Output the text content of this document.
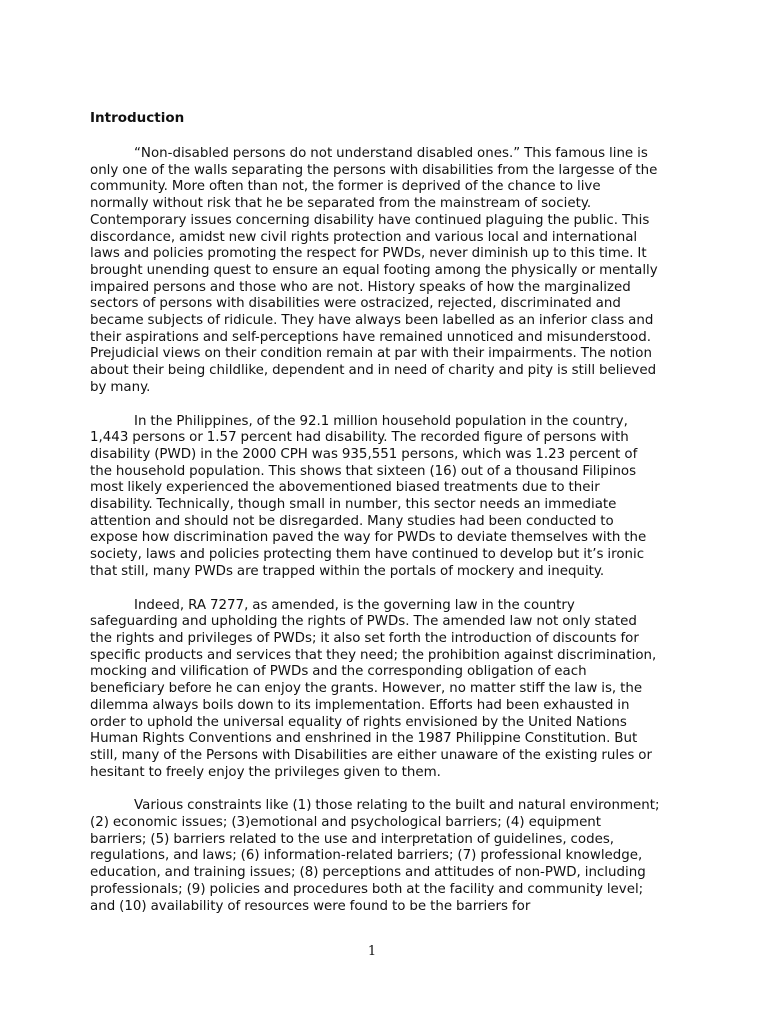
Introduction

“Non-disabled persons do not understand disabled ones.” This famous line is only one of the walls separating the persons with disabilities from the largesse of the community. More often than not, the former is deprived of the chance to live normally without risk that he be separated from the mainstream of society. Contemporary issues concerning disability have continued plaguing the public. This discordance, amidst new civil rights protection and various local and international laws and policies promoting the respect for PWDs, never diminish up to this time. It brought unending quest to ensure an equal footing among the physically or mentally impaired persons and those who are not. History speaks of how the marginalized sectors of persons with disabilities were ostracized, rejected, discriminated and became subjects of ridicule. They have always been labelled as an inferior class and their aspirations and self-perceptions have remained unnoticed and misunderstood. Prejudicial views on their condition remain at par with their impairments. The notion about their being childlike, dependent and in need of charity and pity is still believed by many.

In the Philippines, of the 92.1 million household population in the country, 1,443 persons or 1.57 percent had disability. The recorded figure of persons with disability (PWD) in the 2000 CPH was 935,551 persons, which was 1.23 percent of the household population. This shows that sixteen (16) out of a thousand Filipinos most likely experienced the abovementioned biased treatments due to their disability. Technically, though small in number, this sector needs an immediate attention and should not be disregarded. Many studies had been conducted to expose how discrimination paved the way for PWDs to deviate themselves with the society, laws and policies protecting them have continued to develop but it’s ironic that still, many PWDs are trapped within the portals of mockery and inequity.

Indeed, RA 7277, as amended, is the governing law in the country safeguarding and upholding the rights of PWDs. The amended law not only stated the rights and privileges of PWDs; it also set forth the introduction of discounts for specific products and services that they need; the prohibition against discrimination, mocking and vilification of PWDs and the corresponding obligation of each beneficiary before he can enjoy the grants. However, no matter stiff the law is, the dilemma always boils down to its implementation. Efforts had been exhausted in order to uphold the universal equality of rights envisioned by the United Nations Human Rights Conventions and enshrined in the 1987 Philippine Constitution. But still, many of the Persons with Disabilities are either unaware of the existing rules or hesitant to freely enjoy the privileges given to them.

Various constraints like (1) those relating to the built and natural environment; (2) economic issues; (3)emotional and psychological barriers; (4) equipment barriers; (5) barriers related to the use and interpretation of guidelines, codes, regulations, and laws; (6) information-related barriers; (7) professional knowledge, education, and training issues; (8) perceptions and attitudes of non-PWD, including professionals; (9) policies and procedures both at the facility and community level; and (10) availability of resources were found to be the barriers for

1
